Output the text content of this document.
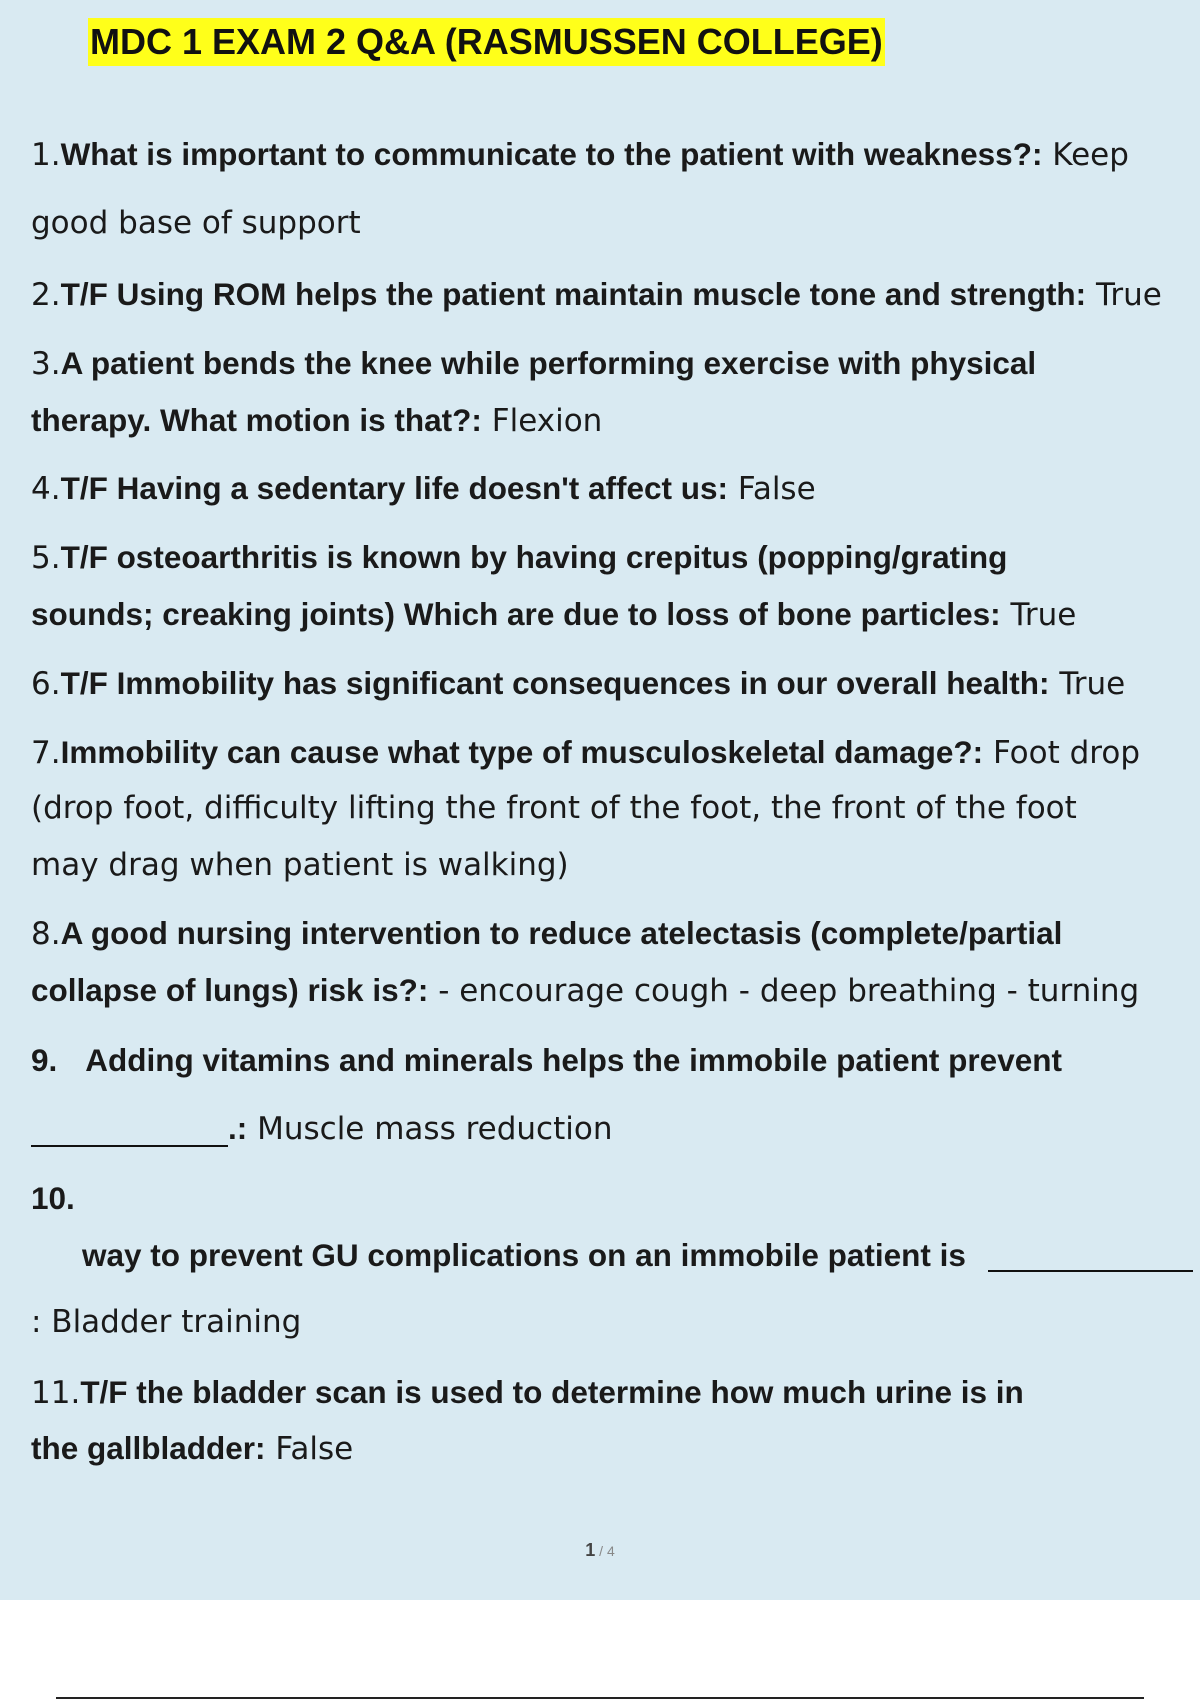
MDC 1 EXAM 2 Q&A (RASMUSSEN COLLEGE)
1.What is important to communicate to the patient with weakness?: Keep
good base of support
2.T/F Using ROM helps the patient maintain muscle tone and strength: True
3.A patient bends the knee while performing exercise with physical
therapy. What motion is that?: Flexion
4.T/F Having a sedentary life doesn't affect us: False
5.T/F osteoarthritis is known by having crepitus (popping/grating
sounds; creaking joints) Which are due to loss of bone particles: True
6.T/F Immobility has significant consequences in our overall health: True
7.Immobility can cause what type of musculoskeletal damage?: Foot drop
(drop foot, difficulty lifting the front of the foot, the front of the foot
may drag when patient is walking)
8.A good nursing intervention to reduce atelectasis (complete/partial
collapse of lungs) risk is?: - encourage cough - deep breathing - turning
9. Adding vitamins and minerals helps the immobile patient prevent
.: Muscle mass reduction
10.
way to prevent GU complications on an immobile patient is
: Bladder training
11.T/F the bladder scan is used to determine how much urine is in
the gallbladder: False
1 / 4
